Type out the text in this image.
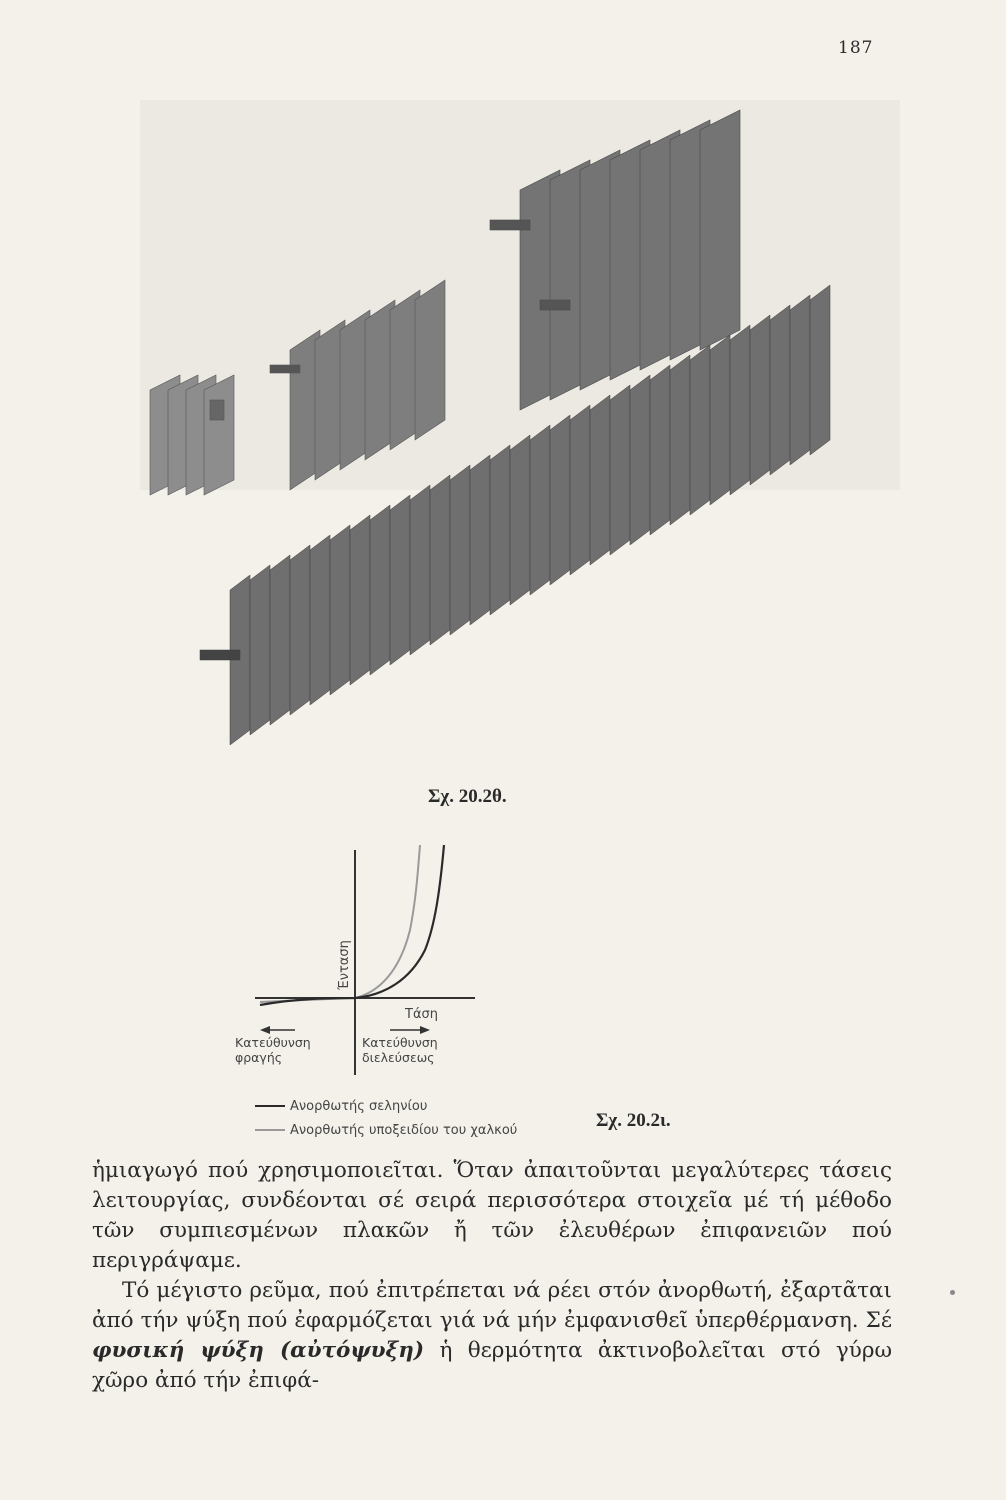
187
Σχ. 20.2θ.
Ένταση
Τάση
Κατεύθυνση φραγής
Κατεύθυνση διελεύσεως
Ανορθωτής σεληνίου
Ανορθωτής υποξειδίου του χαλκού	Σχ. 20.2ι.

ἡμιαγωγό πού χρησιμοποιεῖται. Ὅταν ἀπαιτοῦνται μεγαλύτερες τάσεις λειτουργίας, συνδέονται σέ σειρά περισσότερα στοιχεῖα μέ τή μέθοδο τῶν συμπιεσμένων πλακῶν ἤ τῶν ἐλευθέρων ἐπιφανειῶν πού περιγράψαμε.

Τό μέγιστο ρεῦμα, πού ἐπιτρέπεται νά ρέει στόν ἀνορθωτή, ἐξαρτᾶται ἀπό τήν ψύξη πού ἐφαρμόζεται γιά νά μήν ἐμφανισθεῖ ὑπερθέρμανση. Σέ φυσική ψύξη (αὐτόψυξη) ἡ θερμότητα ἀκτινοβολεῖται στό γύρω χῶρο ἀπό τήν ἐπιφά-
